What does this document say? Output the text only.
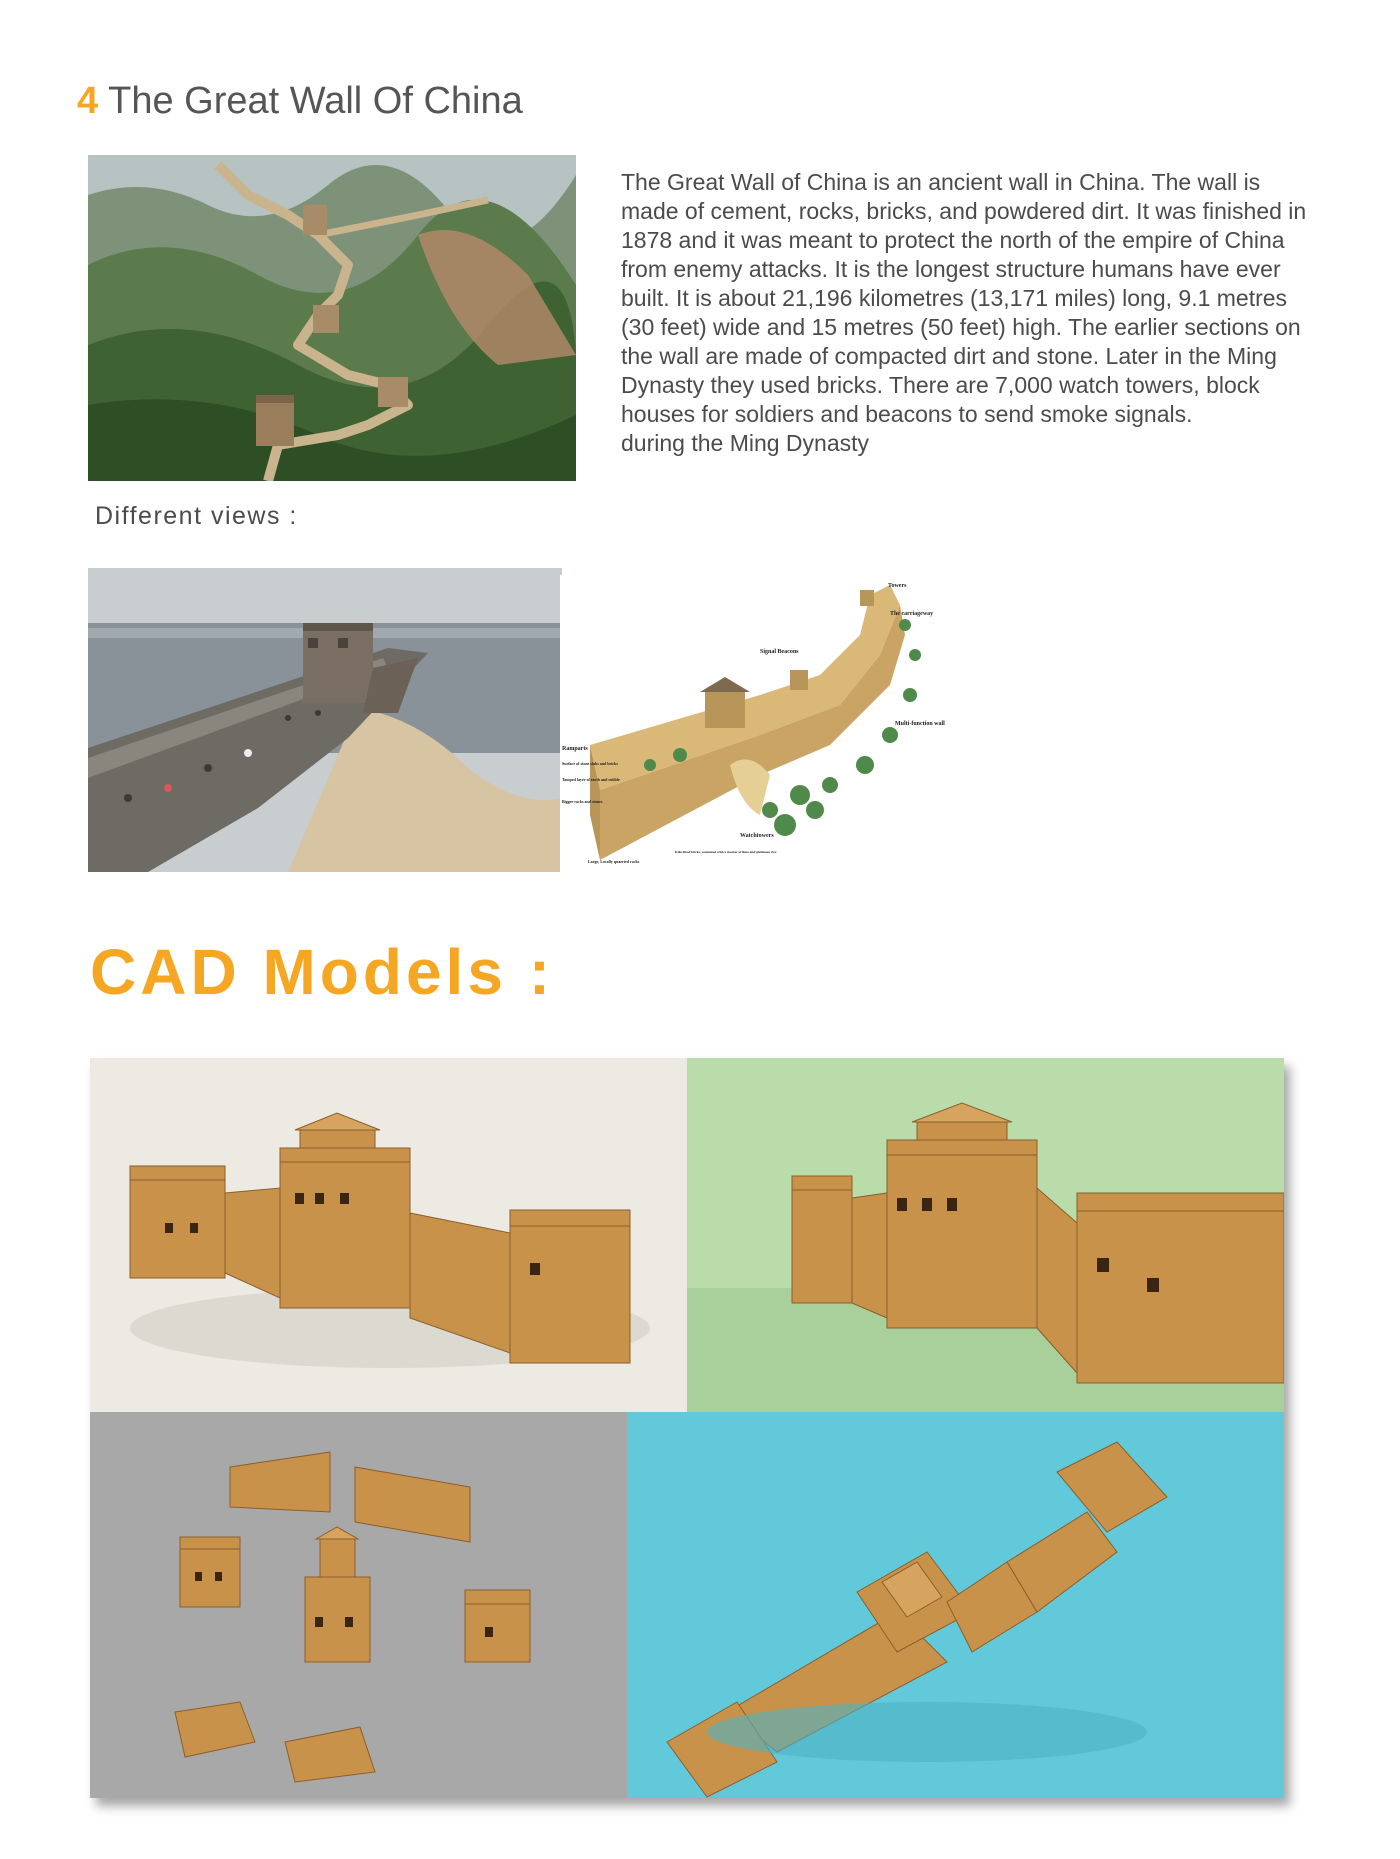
4 The Great Wall Of China

The Great Wall of China is an ancient wall in China. The wall is made of cement, rocks, bricks, and powdered dirt. It was finished in 1878 and it was meant to protect the north of the empire of China from enemy attacks. It is the longest structure humans have ever built. It is about 21,196 kilometres (13,171 miles) long, 9.1 metres (30 feet) wide and 15 metres (50 feet) high. The earlier sections on the wall are made of compacted dirt and stone. Later in the Ming Dynasty they used bricks. There are 7,000 watch towers, block houses for soldiers and beacons to send smoke signals.

during the Ming Dynasty

Different views :
Towers
The carriageway
Signal Beacons
Multi-function wall
Ramparts
Surface of stone slabs and bricks
Tamped layer of earth and rubble
Bigger rocks and stones
Large, Locally quarried rocks
Kiln-fired bricks, cemented with a mortar of lime and glutinous rice
Watchtowers
CAD Models :
